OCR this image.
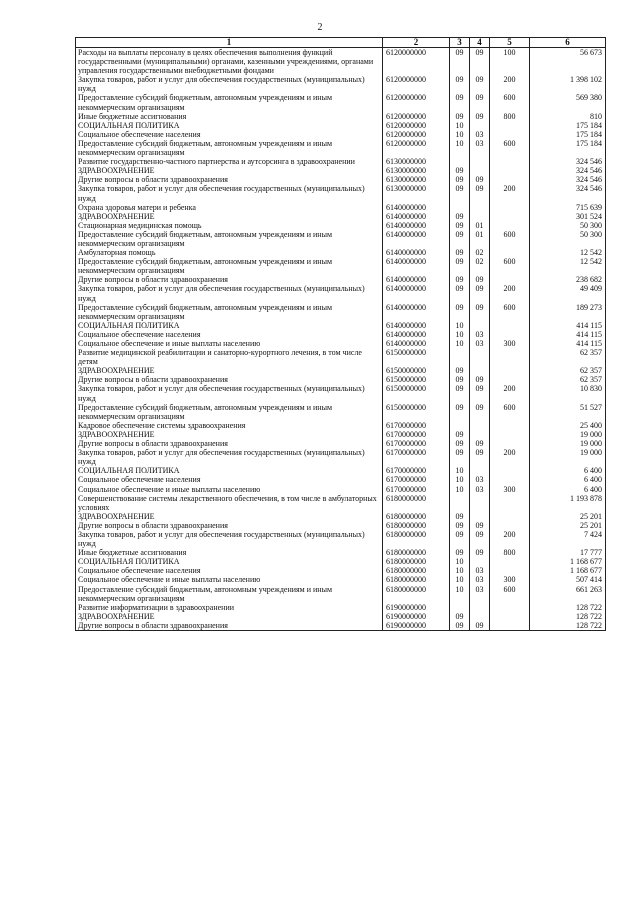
2
1	2	3	4	5	6
Расходы на выплаты персоналу в целях обеспечения выполнения функций государственными (муниципальными) органами, казенными учреждениями, органами управления государственными внебюджетными фондами	6120000000	09	09	100	56 673
Закупка товаров, работ и услуг для обеспечения государственных (муниципальных) нужд	6120000000	09	09	200	1 398 102
Предоставление субсидий бюджетным, автономным учреждениям и иным некоммерческим организациям	6120000000	09	09	600	569 380
Иные бюджетные ассигнования	6120000000	09	09	800	810
СОЦИАЛЬНАЯ ПОЛИТИКА	6120000000	10			175 184
Социальное обеспечение населения	6120000000	10	03		175 184
Предоставление субсидий бюджетным, автономным учреждениям и иным некоммерческим организациям	6120000000	10	03	600	175 184
Развитие государственно-частного партнерства и аутсорсинга в здравоохранении	6130000000				324 546
ЗДРАВООХРАНЕНИЕ	6130000000	09			324 546
Другие вопросы в области здравоохранения	6130000000	09	09		324 546
Закупка товаров, работ и услуг для обеспечения государственных (муниципальных) нужд	6130000000	09	09	200	324 546
Охрана здоровья матери и ребенка	6140000000				715 639
ЗДРАВООХРАНЕНИЕ	6140000000	09			301 524
Стационарная медицинская помощь	6140000000	09	01		50 300
Предоставление субсидий бюджетным, автономным учреждениям и иным некоммерческим организациям	6140000000	09	01	600	50 300
Амбулаторная помощь	6140000000	09	02		12 542
Предоставление субсидий бюджетным, автономным учреждениям и иным некоммерческим организациям	6140000000	09	02	600	12 542
Другие вопросы в области здравоохранения	6140000000	09	09		238 682
Закупка товаров, работ и услуг для обеспечения государственных (муниципальных) нужд	6140000000	09	09	200	49 409
Предоставление субсидий бюджетным, автономным учреждениям и иным некоммерческим организациям	6140000000	09	09	600	189 273
СОЦИАЛЬНАЯ ПОЛИТИКА	6140000000	10			414 115
Социальное обеспечение населения	6140000000	10	03		414 115
Социальное обеспечение и иные выплаты населению	6140000000	10	03	300	414 115
Развитие медицинской реабилитации и санаторно-курортного лечения, в том числе детям	6150000000				62 357
ЗДРАВООХРАНЕНИЕ	6150000000	09			62 357
Другие вопросы в области здравоохранения	6150000000	09	09		62 357
Закупка товаров, работ и услуг для обеспечения государственных (муниципальных) нужд	6150000000	09	09	200	10 830
Предоставление субсидий бюджетным, автономным учреждениям и иным некоммерческим организациям	6150000000	09	09	600	51 527
Кадровое обеспечение системы здравоохранения	6170000000				25 400
ЗДРАВООХРАНЕНИЕ	6170000000	09			19 000
Другие вопросы в области здравоохранения	6170000000	09	09		19 000
Закупка товаров, работ и услуг для обеспечения государственных (муниципальных) нужд	6170000000	09	09	200	19 000
СОЦИАЛЬНАЯ ПОЛИТИКА	6170000000	10			6 400
Социальное обеспечение населения	6170000000	10	03		6 400
Социальное обеспечение и иные выплаты населению	6170000000	10	03	300	6 400
Совершенствование системы лекарственного обеспечения, в том числе в амбулаторных условиях	6180000000				1 193 878
ЗДРАВООХРАНЕНИЕ	6180000000	09			25 201
Другие вопросы в области здравоохранения	6180000000	09	09		25 201
Закупка товаров, работ и услуг для обеспечения государственных (муниципальных) нужд	6180000000	09	09	200	7 424
Иные бюджетные ассигнования	6180000000	09	09	800	17 777
СОЦИАЛЬНАЯ ПОЛИТИКА	6180000000	10			1 168 677
Социальное обеспечение населения	6180000000	10	03		1 168 677
Социальное обеспечение и иные выплаты населению	6180000000	10	03	300	507 414
Предоставление субсидий бюджетным, автономным учреждениям и иным некоммерческим организациям	6180000000	10	03	600	661 263
Развитие информатизации в здравоохранении	6190000000				128 722
ЗДРАВООХРАНЕНИЕ	6190000000	09			128 722
Другие вопросы в области здравоохранения	6190000000	09	09		128 722
